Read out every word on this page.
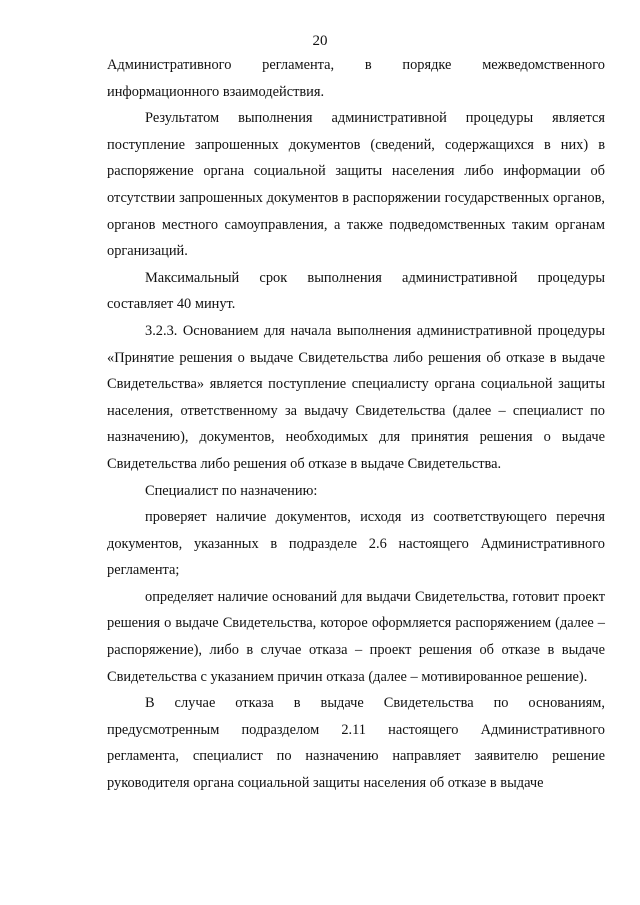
20

Административного регламента, в порядке межведомственного информационного взаимодействия.

Результатом выполнения административной процедуры является поступление запрошенных документов (сведений, содержащихся в них) в распоряжение органа социальной защиты населения либо информации об отсутствии запрошенных документов в распоряжении государственных органов, органов местного самоуправления, а также подведомственных таким органам организаций.

Максимальный срок выполнения административной процедуры составляет 40 минут.

3.2.3. Основанием для начала выполнения административной процедуры «Принятие решения о выдаче Свидетельства либо решения об отказе в выдаче Свидетельства» является поступление специалисту органа социальной защиты населения, ответственному за выдачу Свидетельства (далее – специалист по назначению), документов, необходимых для принятия решения о выдаче Свидетельства либо решения об отказе в выдаче Свидетельства.

Специалист по назначению:

проверяет наличие документов, исходя из соответствующего перечня документов, указанных в подразделе 2.6 настоящего Административного регламента;

определяет наличие оснований для выдачи Свидетельства, готовит проект решения о выдаче Свидетельства, которое оформляется распоряжением (далее – распоряжение), либо в случае отказа – проект решения об отказе в выдаче Свидетельства с указанием причин отказа (далее – мотивированное решение).

В случае отказа в выдаче Свидетельства по основаниям, предусмотренным подразделом 2.11 настоящего Административного регламента, специалист по назначению направляет заявителю решение руководителя органа социальной защиты населения об отказе в выдаче
